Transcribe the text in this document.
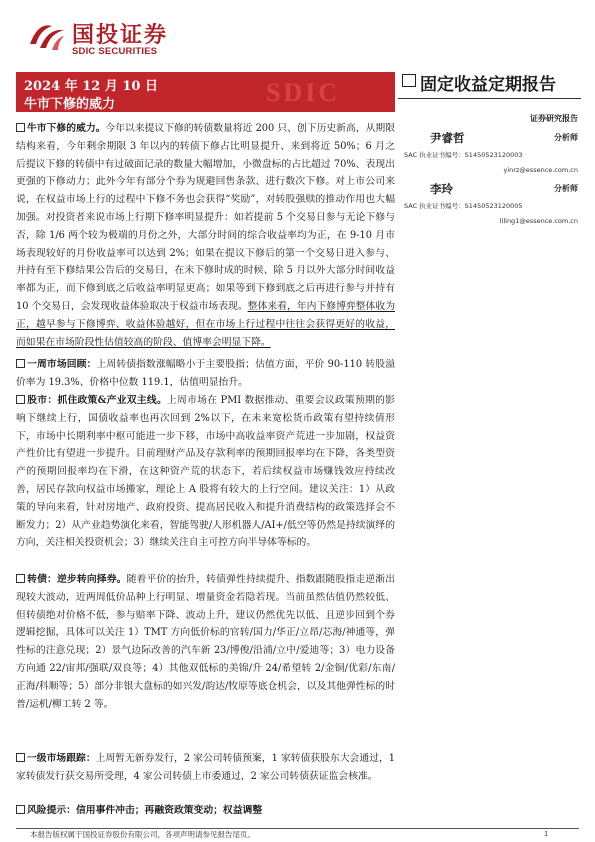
国投证券
SDIC SECURITIES
SDIC
2024 年 12 月 10 日
牛市下修的威力
固定收益定期报告
证券研究报告
尹睿哲	分析师
SAC 执业证书编号：S1450523120003
yinrz@essence.com.cn
李玲	分析师
SAC 执业证书编号：S1450523120005
liling1@essence.com.cn

牛市下修的威力。今年以来提议下修的转债数量将近 200 只、创下历史新高，从期限结构来看，今年剩余期限 3 年以内的转债下修占比明显提升、来到将近 50%；6 月之后提议下修的转债中有过破面记录的数量大幅增加，小微盘标的占比超过 70%、表现出更强的下修动力；此外今年有部分个券为规避回售条款、进行数次下修。对上市公司来说，在权益市场上行的过程中下修不务也会获得“奖励”，对转股强赎的推动作用也大幅加强。对投资者来说市场上行期下修率明显提升：如若提前 5 个交易日参与无论下修与否，除 1/6 两个较为极端的月份之外，大部分时间的综合收益率均为正，在 9-10 月市场表现较好的月份收益率可以达到 2%；如果在提议下修后的第一个交易日进入参与、并持有至下修结果公告后的交易日，在未下修时成的时候、除 5 月以外大部分时间收益率都为正，而下修到底之后收益率明显更高；如果等到下修到底之后再进行参与并持有 10 个交易日，会发现收益体验取决于权益市场表现。整体来看，年内下修博弈整体收为正，越早参与下修博弈、收益体验越好，但在市场上行过程中往往会获得更好的收益，而如果在市场阶段性估值较高的阶段、值博率会明显下降。

一周市场回顾：上周转债指数涨幅略小于主要股指；估值方面，平价 90-110 转股溢价率为 19.3%、价格中位数 119.1，估值明显抬升。

股市：抓住政策&产业双主线。上周市场在 PMI 数据推动、重要会议政策预期的影响下继续上行，国债收益率也再次回到 2%以下，在未来宽松货币政策有望持续倩形下，市场中长期利率中枢可能进一步下移，市场中高收益率资产荒进一步加剧，权益资产性价比有望进一步提升。目前理财产品及存款利率的预期回报率均在下降，各类型资产的预期回报率均在下滑，在这种资产荒的状态下，若后续权益市场赚钱效应持续改善，居民存款向权益市场搬家，理论上 A 股将有较大的上行空间。建议关注：1）从政策的导向来看，针对房地产、政府投资、提高居民收入和提升消费结构的政策选择会不断发力；2）从产业趋势演化来看，智能驾驶/人形机器人/AI+/低空等仍然是持续演绎的方向，关注相关投资机会；3）继续关注自主可控方向半导体等标的。

转债：逆步转向择券。随着平价的抬升，转债弹性持续提升、指数跟随股指走逆渐出现较大波动，近两周低价品种上行明显、增量资金若隐若现。当前虽然估值仍然较低、但转债绝对价格不低，参与赔率下降、波动上升，建议仍然优先以低、且逆步回到个券逻辑挖掘，具体可以关注 1）TMT 方向低价标的官转/国力/华正/立昂/芯海/神通等，弹性标的注意兑现；2）景气边际改善的汽车新 23/博俊/沿浦/立中/爱迪等；3）电力设备方向通 22/宙邦/强联/双良等；4）其他双低标的美锦/升 24/希望转 2/金铜/优彩/东南/正海/科顺等；5）部分非银大盘标的如兴发/韵达/牧原等底仓机会，以及其他弹性标的时普/运机/柳工转 2 等。

一级市场跟踪：上周暂无新券发行，2 家公司转债预案，1 家转债获股东大会通过，1 家转债发行获交易所受理，4 家公司转债上市委通过，2 家公司转债获证监会核准。

风险提示：信用事件冲击；再融资政策变动；权益调整

本报告版权属于国投证券股份有限公司，各项声明请参见报告尾页。	1
